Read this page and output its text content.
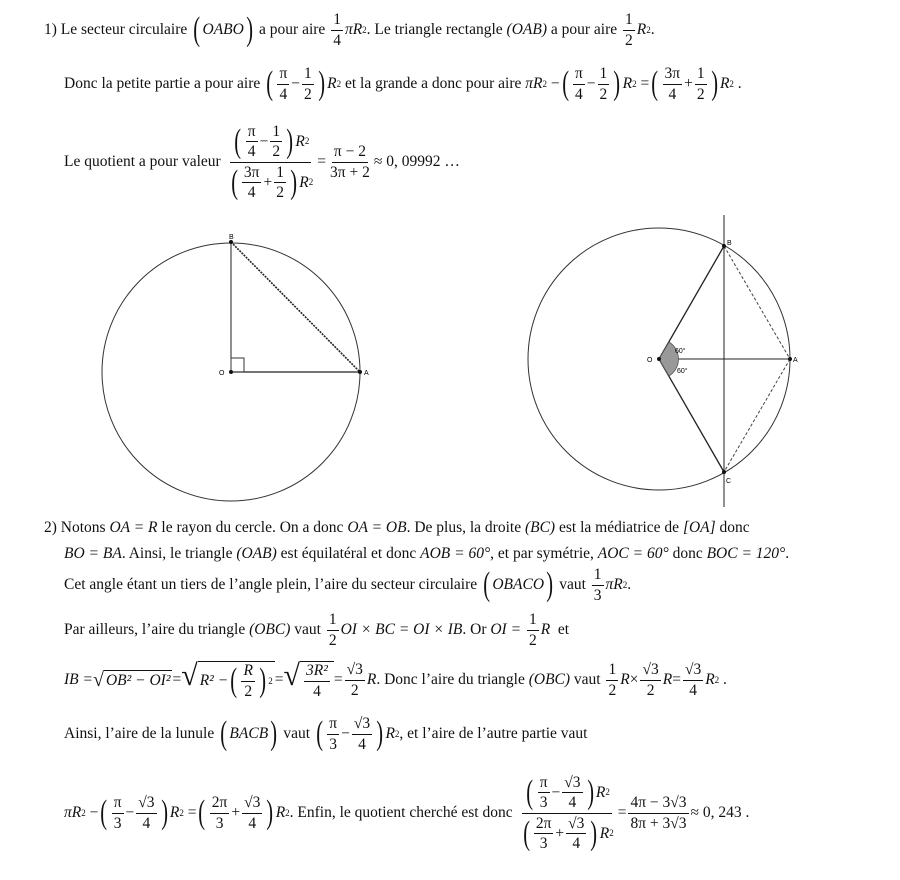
1) Le secteur circulaire
( OABO )
a pour aire
$\frac{1}{4}$ πR 2 . Le triangle rectangle
(OAB)
a pour aire
$\frac{1}{2}$ R 2 .
Donc la petite partie a pour aire
( $\frac{\pi}{4} - \frac{1}{2}$ ) R 2
et la grande a donc pour aire
πR 2
− ( $\frac{\pi}{4} - \frac{1}{2}$ ) R 2
= ( $\frac{3\pi}{4} + \frac{1}{2}$ ) R 2 .
Le quotient a pour valeur
$\frac{( \frac{\pi}{4} - \frac{1}{2} ) R 2}{( \frac{3\pi}{4} + \frac{1}{2} ) R 2} = \frac{\pi - 2}{3\pi + 2} \approx 0$, 09992 …
B
O	A
60°
60°
B
O	A
C
2) Notons OA = R le rayon du cercle. On a donc OA = OB. De plus, la droite (BC) est la médiatrice de [OA] donc
BO = BA. Ainsi, le triangle (OAB) est équilatéral et donc AOB = 60°, et par symétrie, AOC = 60° donc BOC = 120°.
Cet angle étant un tiers de l’angle plein, l’aire du secteur circulaire
( OBACO )
vaut
$\frac{1}{3}$ πR 2 .
Par ailleurs, l’aire du triangle
(OBC)
vaut
$\frac{1}{2}$ OI × BC = OI × IB . Or
OI =
$\frac{1}{2}$ R
et
IB = √ OB² − OI² = √ R² − ( $\frac{R}{2}$ ) 2 = √ $\frac{\text{3R²}}{4} = \frac{√3}{2}$ R . Donc l’aire du triangle
(OBC)
vaut
$\frac{1}{2}$ $R \times \frac{√3}{2}$ $R = \frac{√3}{4}$ R 2
.
Ainsi, l’aire de la lunule
( BACB )
vaut
( $\frac{\pi}{3} - \frac{√3}{4}$ ) R 2 , et l’aire de l’autre partie vaut
πR 2
− ( $\frac{\pi}{3} - \frac{√3}{4}$ ) R 2
= ( $\frac{2\pi}{3} + \frac{√3}{4}$ ) R 2 . Enfin, le quotient cherché est donc
$\frac{( \frac{\pi}{3} - \frac{√3}{4} ) R 2}{( \frac{2\pi}{3} + \frac{√3}{4} ) R 2} = \frac{4\pi - 3√3}{8\pi + 3√3} \approx 0$, 243 .
